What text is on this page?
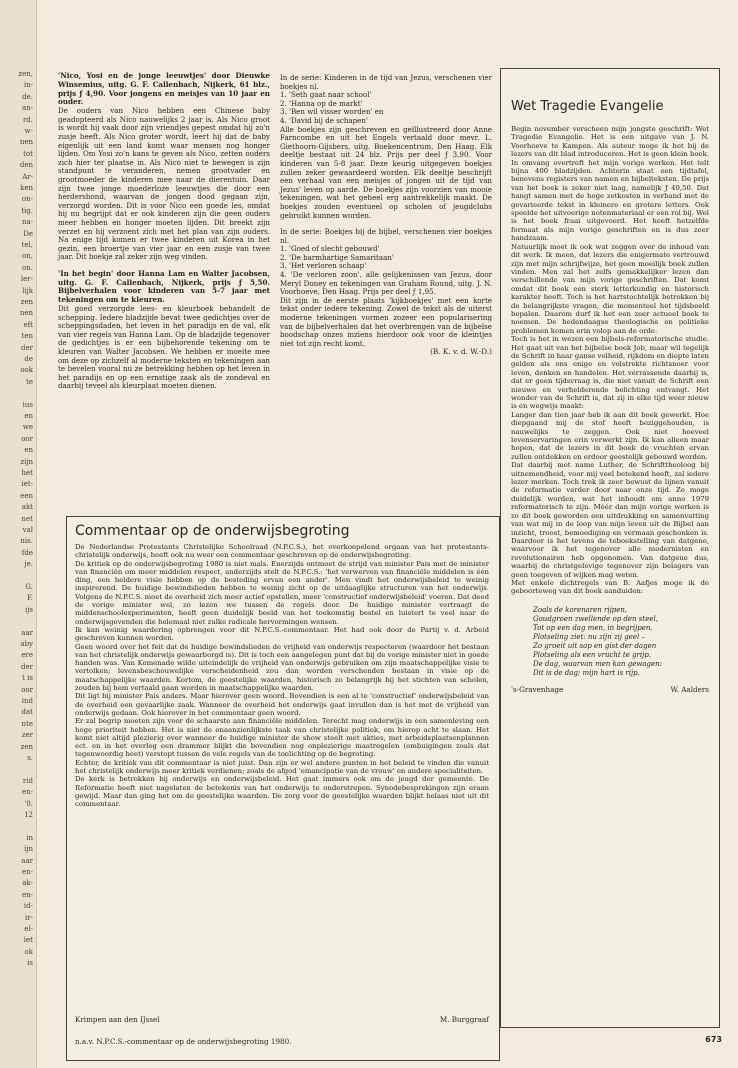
zen,
in-
de.
an-
rd.
w-
nen
tot
den
Ar-
ken
on-
tig.
na-
De
tel,
on,
on.
ler-
lijk
zen
nen
eft
ten
der
de
ook
te
ius
en
we
oor
en
zijn
het
iet-
een
akt
net
val
nis.
fde
je.
G.
F.
ijs
aar
aby
ere
der
t is
oor
ind
dat
nte
zer
zen
s.
rid
en-
'0.
12
in
ijn
aar
en-
ak-
en-
id-
ir-
el-
iet
ok
is

'Nico, Yosi en de jonge leeuwtjes' door Dieuwke Winsemius, uitg. G. F. Callenbach, Nijkerk, 61 blz., prijs ƒ 4,90. Voor jongens en meisjes van 10 jaar en ouder.

De ouders van Nico hebben een Chinese baby geadopteerd als Nico nauwelijks 2 jaar is. Als Nico groot is wordt hij vaak door zijn vriendjes gepest omdat hij zo'n zusje heeft. Als Nico groter wordt, leert hij dat de baby eigenlijk uit een land komt waar mensen nog honger lijden. Om Yosi zo'n kans te geven als Nico, zetten ouders zich hier ter plaatse in. Als Nico niet te bewegen is zijn standpunt te veranderen, nemen grootvader en grootmoeder de kinderen mee naar de dierentuin. Daar zijn twee jonge moederloze leeuwtjes die door een herdershond, waarvan de jongen dood gegaan zijn, verzorgd worden. Dit is voor Nico een goede les, omdat hij nu begrijpt dat er ook kinderen zijn die geen ouders meer hebben en honger moeten lijden. Dit breekt zijn verzet en hij verzoent zich met het plan van zijn ouders. Na enige tijd komen er twee kinderen uit Korea in het gezin, een broertje van vier jaar en een zusje van twee jaar. Dit boekje zal zeker zijn weg vinden.

'In het begin' door Hanna Lam en Walter Jacobsen, uitg. G. F. Callenbach, Nijkerk, prijs ƒ 5,50. Bijbelverhalen voor kinderen van 5-7 jaar met tekeningen om te kleuren.

Dit goed verzorgde lees- en kleurboek behandelt de schepping. Iedere bladzijde bevat twee gedichtjes over de scheppingsdaden, het leven in het paradijs en de val, elk van vier regels van Hanna Lam. Op de bladzijde tegenover de gedichtjes is er een bijbehorende tekening om te kleuren van Walter Jacobsen. We hebben er moeite mee om deze op zichzelf al moderne teksten en tekeningen aan te bevelen vooral nu ze betrekking hebben op het leven in het paradijs en op een ernstige zaak als de zondeval en daarbij teveel als kleurplaat moeten dienen.

In de serie: Kinderen in de tijd van Jezus, verschenen vier boekjes nl.

1. 'Seth gaat naar school'
2. 'Hanna op de markt'
3. 'Ben wil visser worden' en
4. 'David bij de schapen'

Alle boekjes zijn geschreven en geïllustreerd door Anne Farncombe en uit het Engels vertaald door mevr. L. Giethoorn-Gijsbers, uitg. Boekencentrum, Den Haag. Elk deeltje bestaat uit 24 blz. Prijs per deel ƒ 3,90. Voor kinderen van 5-8 jaar. Deze keurig uitgegeven boekjes zullen zeker gewaardeerd worden. Elk deeltje beschrijft een verhaal van een meisjes of jongen uit de tijd van Jezus' leven op aarde. De boekjes zijn voorzien van mooie tekeningen, wat het geheel erg aantrekkelijk maakt. De boekjes zouden eventueel op scholen of jeugdclubs gebruikt kunnen worden.

In de serie: Boekjes bij de bijbel, verschenen vier boekjes nl.

1. 'Goed of slecht gebouwd'
2. 'De barmhartige Samaritaan'
3. 'Het verloren schaap'
4. 'De verloren zoon', alle gelijkenissen van Jezus, door Meryl Doney en tekeningen van Graham Round, uitg. J. N. Voorhoeve, Den Haag. Prijs per deel ƒ 1,95.

Dit zijn in de eerste plaats 'kijkboekjes' met een korte tekst onder iedere tekening. Zowel de tekst als de uiterst moderne tekeningen vormen zozeer een popularisering van de bijbelverhalen dat het overbrengen van de bijbelse boodschap onzes inziens hierdoor ook voor de kleintjes niet tot zijn recht komt.

(B. K. v. d. W.-D.)

Commentaar op de onderwijsbegroting

De Nederlandse Protestants Christelijke Schoolraad (N.P.C.S.), het overkoepelend orgaan van het protestants-christelijk onderwijs, heeft ook nu weer een commentaar geschreven op de onderwijsbegroting.

De kritiek op de onderwijsbegroting 1980 is niet mals. Enerzijds ontmoet de strijd van minister Pais met de minister van financiën om meer middelen respect, anderzijds stelt de N.P.C.S.: 'het verwerven van financiële middelen is één ding, een heldere visie hebben op de besteding ervan een ander'. Men vindt het onderwijsbeleid te weinig inspirerend. De huidige bewindslieden hebben te weinig zicht op de uitdaaglijke structuren van het onderwijs. Volgens de N.P.C.S. moet de overheid zich meer actief opstellen, meer 'constructief onderwijsbeleid' voeren. Dat deed de vorige minister wel, zo lezen we tussen de regels door. De huidige minister vertraagt de middenschoolexperimenten, heeft geen duidelijk beeld van het toekomstig bestel en luistert te veel naar de onderwijsgevenden die helemaal niet zulke radicale hervormingen wensen.

Ik kan weinig waardering opbrengen voor dit N.P.C.S.-commentaar. Het had ook door de Partij v. d. Arbeid geschreven kunnen worden.

Geen woord over het feit dat de huidige bewindslieden de vrijheid van onderwijs respecteren (waardoor het bestaan van het christelijk onderwijs gewaarborgd is). Dit is toch een aangelegen punt dat bij de vorige minister niet in goede handen was. Van Kemenade wilde uiteindelijk de vrijheid van onderwijs gebruiken om zijn maatschappelijke visie te vertolken; levensbeschouwelijke verscheidenheid zou dan worden verschenden bestaan in visie op de maatschappelijke waarden. Kortom, de geestelijke waarden, historisch zo belangrijk bij het stichten van scholen, zouden bij hem vertaald gaan worden in maatschappelijke waarden.

Dit ligt bij minister Pais anders. Maar hierover geen woord. Bovendien is een al te 'constructief' onderwijsbeleid van de overheid een gevaarlijke zaak. Wanneer de overheid het onderwijs gaat invullen dan is het met de vrijheid van onderwijs gedaan. Ook hierover in het commentaar geen woord.

Er zal begrip moeten zijn voor de schaarste aan financiële middelen. Terecht mag onderwijs in een samenleving een hoge prioriteit hebben. Het is niet de onaanzienlijkste taak van christelijke politiek, om hierop acht te slaan. Het komt niet altijd plezierig over wanneer de huidige minister de show steelt met akties, met arbeidsplaatsenplannen ect. en in het overleg een drammer blijkt die bovendien nog onplezierige maatregelen (ombuigingen zoals dat tegenwoordig heet) verstopt tussen de vele regels van de toelichting op de begroting.

Echter, de kritiek van dit commentaar is niet juist. Dan zijn er wel andere punten in het beleid te vinden die vanuit het christelijk onderwijs meer kritiek verdienen; zoals de afgod 'emancipatie van de vrouw' en andere specialiteiten.

De kerk is betrokken bij onderwijs en onderwijsbeleid. Het gaat immers ook om de jeugd der gemeente. De Reformatie heeft niet nagelaten de betekenis van het onderwijs te onderstrepen. Synodebesprekingen zijn eraan gewijd. Maar dan ging het om de geestelijke waarden. De zorg voor de geestelijke waarden blijkt helaas niet uit dit commentaar.

Krimpen aan den IJssel	M. Burggraaf
n.a.v. N.P.C.S.-commentaar op de onderwijsbegroting 1980.
Wet Tragedie Evangelie

Begin november verscheen mijn jongste geschrift: Wet Tragedie Evangelie. Het is een uitgave van J. N. Voorhoeve te Kampen. Als auteur moge ik het bij de lezers van dit blad introduceren. Het is geen klein boek. In omvang overtreft het mijn vorige werken. Het telt bijna 400 bladzijden. Achterin staat een tijdtafel, benevens registers van namen en bijbelteksten. De prijs van het boek is zeker niet laag, namelijk ƒ 49,50. Dat hangt samen met de hoge zetkosten in verband met de gevarieerde tekst in kleinere en grotere letters. Ook speelde het uitvoerige notenmateriaal er een rol bij. Wel is het boek fraai uitgevoerd. Het heeft hetzelfde formaat als mijn vorige geschriften en is dus zeer handzaam.

Natuurlijk moet ik ook wat zeggen over de inhoud van dit werk. Ik meen, dat lezers die enigermate vertrouwd zijn met mijn schrijfwijze, het geen moeilijk boek zullen vinden. Men zal het zelfs gemakkelijker lezen dan verschillende van mijn vorige geschriften. Dat komt omdat dit boek een sterk letterkundig en historisch karakter heeft. Toch is het hartstochtelijk betrokken bij de belangrijkste vragen, die momenteel het tijdsbeeld bepalen. Daarom durf ik het een zeer actueel boek te noemen. De hedendaagse theologische en politieke problemen komen erin volop aan de orde.

Toch is het in wezen een bijbels-reformatorische studie. Het gaat uit van het bijbelse boek Job, maar wil tegelijk de Schrift in haar ganse volheid, rijkdom en diepte laten gelden als ons enige en volstrekte richtsnoer voor leven, denken en handelen. Het verrassende daarbij is, dat er geen tijdsvraag is, die niet vanuit de Schrift een nieuwe en verhelderende belichting ontvangt. Het wonder van de Schrift is, dat zij in elke tijd weer nieuw is en wegwijs maakt:

Langer dan tien jaar heb ik aan dit boek gewerkt. Hoe diepgaand mij de stof heeft beziggehouden, is nauwelijks te zeggen. Ook niet hoeveel levenservaringen erin verwerkt zijn. Ik kan alleen maar hopen, dat de lezers in dit boek de vruchten ervan zullen ontdekken en erdoor geestelijk gebouwd worden.

Dat daarbij met name Luther, de Schrifttheoloog bij uitnemendheid, voor mij veel betekend heeft, zal iedere lezer merken. Toch trek ik zeer bewust de lijnen vanuit de reformatie verder door naar onze tijd. Zo moge duidelijk worden, wat het inhoudt om anno 1979 reformatorisch te zijn. Méér dan mijn vorige werken is zo dit boek geworden een uitdrukking en samenvatting van wat mij in de loop van mijn leven uit de Bijbel aan inzicht, troost, bemoediging en vermaan geschonken is. Daardoor is het tevens de teboekstelling van datgene, waarvoor ik het tegenover alle modernisten en revolutionairen heb opgenomen. Van datgene dus, waarbij de christgelovige tegenover zijn belagers van geen toegeven of wijken mag weten.

Met enkele dichtregels van B. Aafjes moge ik de geboorteweg van dit boek aanduiden:

Zoals de korenaren rijpen,
Goudgroen zwellende op den steel,
Tot op een dag men, in begrijpen,
Plotseling ziet: nu zijn zij geel –
Zo groeit uit sap en gist der dagen
Plotseling als een vrucht te grijp.
De dag, waarvan men kan gewagen:
Dit is de dag; mijn hart is rijp.
's-Gravenhage	W. Aalders
673
